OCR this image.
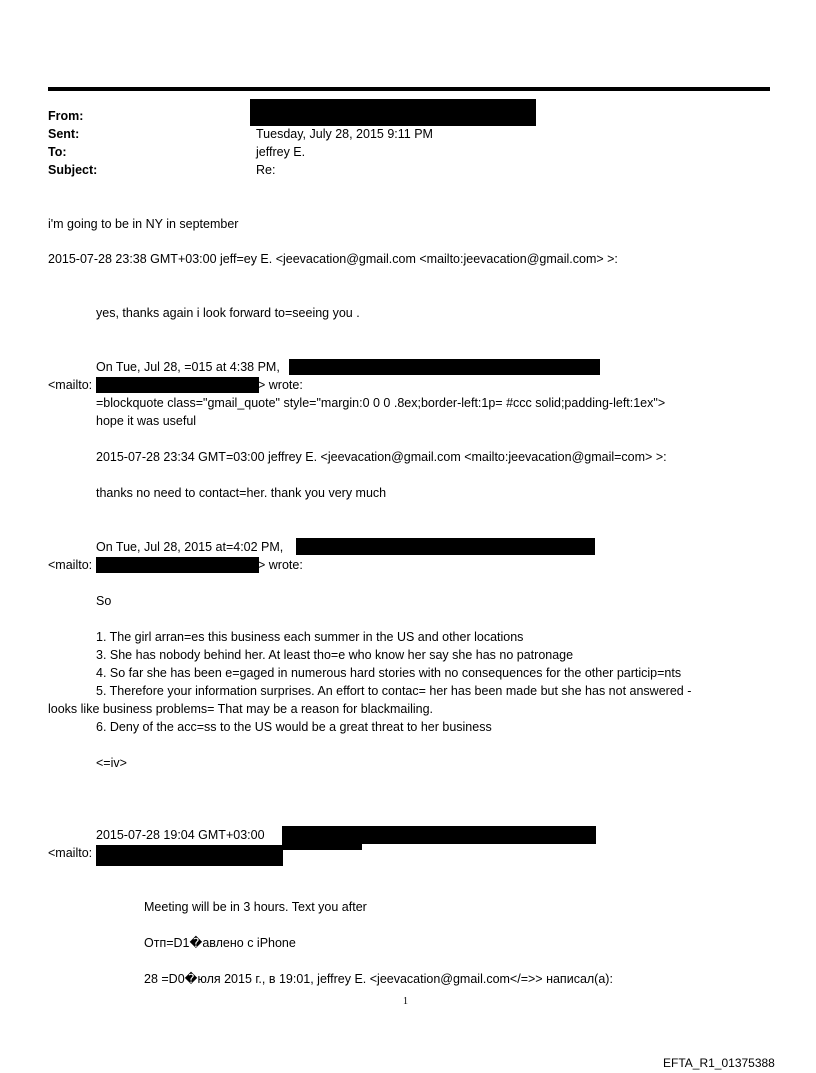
From:
Sent:	Tuesday, July 28, 2015 9:11 PM
To:	jeffrey E.
Subject:	Re:
i'm going to be in NY in september
2015-07-28 23:38 GMT+03:00 jeff=ey E. <jeevacation@gmail.com <mailto:jeevacation@gmail.com> >:
yes, thanks again i look forward to=seeing you .
On Tue, Jul 28, =015 at 4:38 PM,
<mailto:	> wrote:
=blockquote class="gmail_quote" style="margin:0 0 0 .8ex;border-left:1p= #ccc solid;padding-left:1ex">
hope it was useful
2015-07-28 23:34 GMT=03:00 jeffrey E. <jeevacation@gmail.com <mailto:jeevacation@gmail=com> >:
thanks no need to contact=her. thank you very much
On Tue, Jul 28, 2015 at=4:02 PM,
<mailto:	> wrote:
So
1. The girl arran=es this business each summer in the US and other locations
3. She has nobody behind her. At least tho=e who know her say she has no patronage
4. So far she has been e=gaged in numerous hard stories with no consequences for the other particip=nts
5. Therefore your information surprises. An effort to contac= her has been made but she has not answered -
looks like business problems= That may be a reason for blackmailing.
6. Deny of the acc=ss to the US would be a great threat to her business
<=iv>
2015-07-28 19:04 GMT+03:00
<mailto:
Meeting will be in 3 hours. Text you after
Отп=D1�авлено с iPhone
28 =D0�юля 2015 г., в 19:01, jeffrey E. <jeevacation@gmail.com</=>> написал(а):
1
EFTA_R1_01375388
